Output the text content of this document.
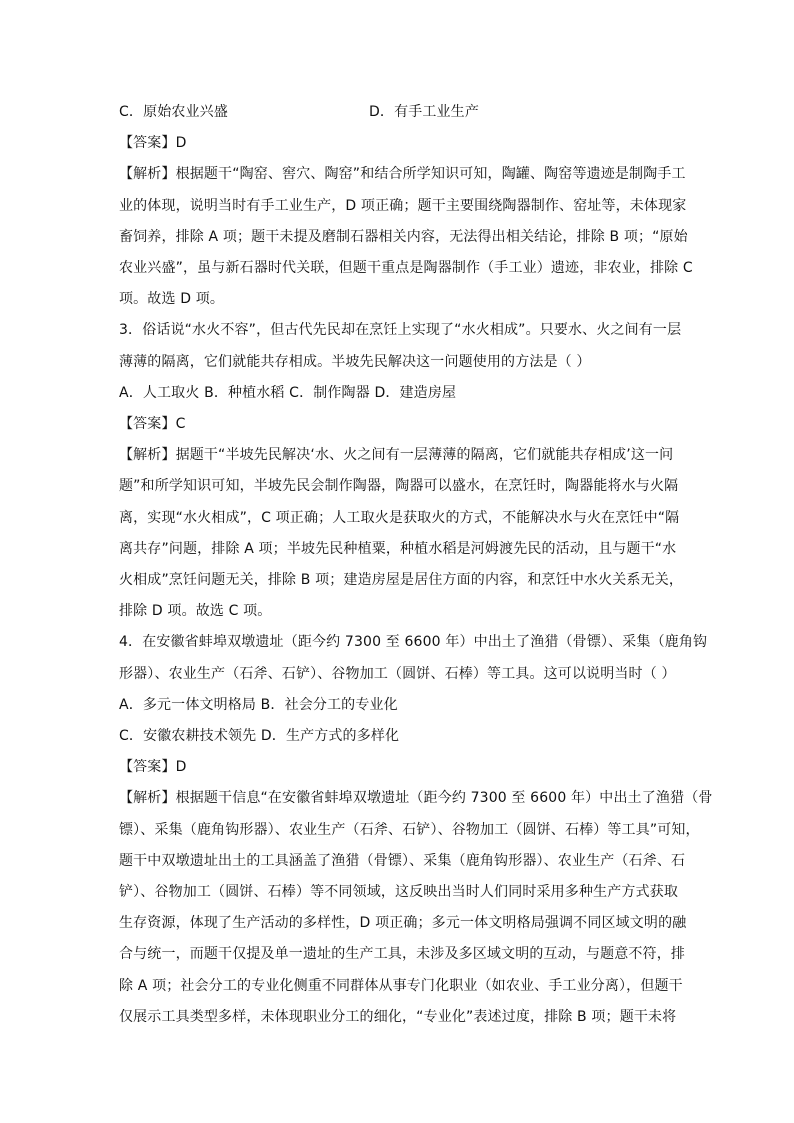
C．原始农业兴盛	D．有手工业生产
【答案】D
【解析】根据题干“陶窑、窖穴、陶窑”和结合所学知识可知，陶罐、陶窑等遗迹是制陶手工
业的体现，说明当时有手工业生产，D 项正确；题干主要围绕陶器制作、窑址等，未体现家
畜饲养，排除 A 项；题干未提及磨制石器相关内容，无法得出相关结论，排除 B 项；“原始
农业兴盛”，虽与新石器时代关联，但题干重点是陶器制作（手工业）遗迹，非农业，排除 C
项。故选 D 项。
3．俗话说“水火不容”，但古代先民却在烹饪上实现了“水火相成”。只要水、火之间有一层
薄薄的隔离，它们就能共存相成。半坡先民解决这一问题使用的方法是（ ）
A．人工取火 B．种植水稻 C．制作陶器 D．建造房屋
【答案】C
【解析】据题干“半坡先民解决‘水、火之间有一层薄薄的隔离，它们就能共存相成’这一问
题”和所学知识可知，半坡先民会制作陶器，陶器可以盛水，在烹饪时，陶器能将水与火隔
离，实现“水火相成”，C 项正确；人工取火是获取火的方式，不能解决水与火在烹饪中“隔
离共存”问题，排除 A 项；半坡先民种植粟，种植水稻是河姆渡先民的活动，且与题干“水
火相成”烹饪问题无关，排除 B 项；建造房屋是居住方面的内容，和烹饪中水火关系无关，
排除 D 项。故选 C 项。
4．在安徽省蚌埠双墩遗址（距今约 7300 至 6600 年）中出土了渔猎（骨镖）、采集（鹿角钩
形器）、农业生产（石斧、石铲）、谷物加工（圆饼、石棒）等工具。这可以说明当时（ ）
A．多元一体文明格局 B．社会分工的专业化
C．安徽农耕技术领先 D．生产方式的多样化
【答案】D
【解析】根据题干信息“在安徽省蚌埠双墩遗址（距今约 7300 至 6600 年）中出土了渔猎（骨
镖）、采集（鹿角钩形器）、农业生产（石斧、石铲）、谷物加工（圆饼、石棒）等工具”可知，
题干中双墩遗址出土的工具涵盖了渔猎（骨镖）、采集（鹿角钩形器）、农业生产（石斧、石
铲）、谷物加工（圆饼、石棒）等不同领域，这反映出当时人们同时采用多种生产方式获取
生存资源，体现了生产活动的多样性，D 项正确；多元一体文明格局强调不同区域文明的融
合与统一，而题干仅提及单一遗址的生产工具，未涉及多区域文明的互动，与题意不符，排
除 A 项；社会分工的专业化侧重不同群体从事专门化职业（如农业、手工业分离），但题干
仅展示工具类型多样，未体现职业分工的细化，“专业化”表述过度，排除 B 项；题干未将
